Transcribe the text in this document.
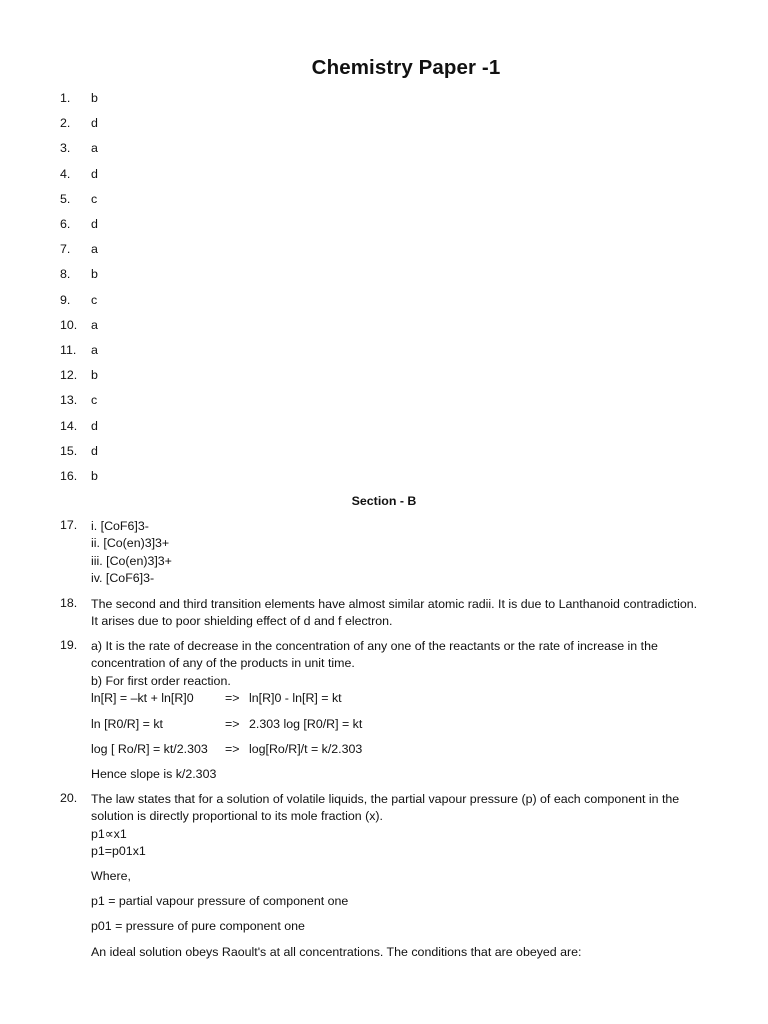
Chemistry Paper -1
1.	b
2.	d
3.	a
4.	d
5.	c
6.	d
7.	a
8.	b
9.	c
10.	a
11.	a
12.	b
13.	c
14.	d
15.	d
16.	b
Section - B
17. i. [CoF6]3-
ii. [Co(en)3]3+
iii. [Co(en)3]3+
iv. [CoF6]3-
18. The second and third transition elements have almost similar atomic radii. It is due to Lanthanoid contradiction.
It arises due to poor shielding effect of d and f electron.
19. a) It is the rate of decrease in the concentration of any one of the reactants or the rate of increase in the
concentration of any of the products in unit time.
b) For first order reaction.
ln[R] = –kt + ln[R]0	=> ln[R]0 - ln[R] = kt
ln [R0/R] = kt	=> 2.303 log [R0/R] = kt
log [ Ro/R] = kt/2.303 => log[Ro/R]/t = k/2.303
Hence slope is k/2.303
20. The law states that for a solution of volatile liquids, the partial vapour pressure (p) of each component in the
solution is directly proportional to its mole fraction (x).
p1∝x1
p1=p01x1
Where,
p1 = partial vapour pressure of component one
p01 = pressure of pure component one
An ideal solution obeys Raoult's at all concentrations. The conditions that are obeyed are:
